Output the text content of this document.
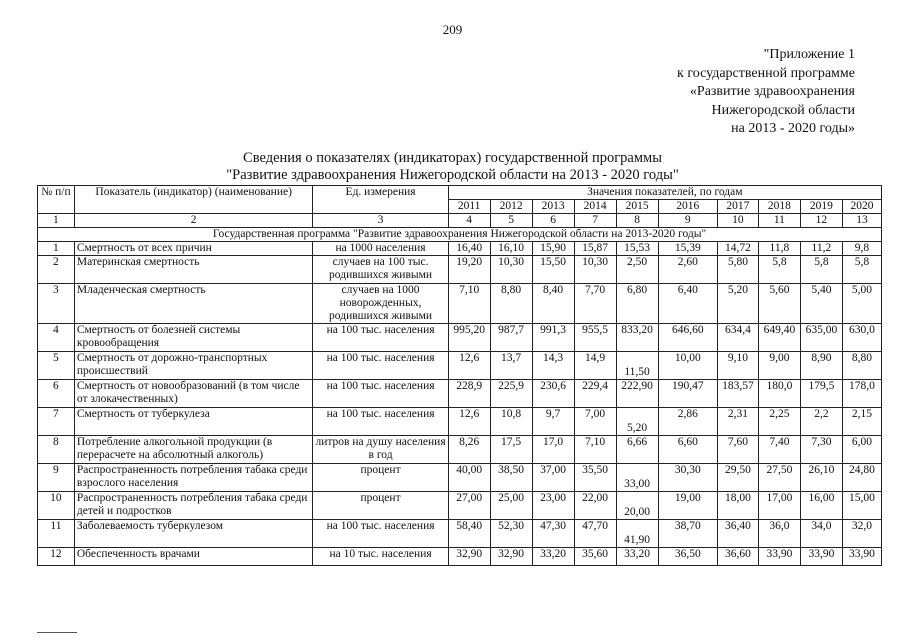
209
"Приложение 1
к государственной программе
«Развитие здравоохранения
Нижегородской области
на 2013 - 2020 годы»
Сведения о показателях (индикаторах) государственной программы
"Развитие здравоохранения Нижегородской области на 2013 - 2020 годы"
№ п/п	Показатель (индикатор) (наименование)	Ед. измерения	Значения показателей, по годам									
			2011	2012	2013	2014	2015	2016	2017	2018	2019	2020
1	2	3	4	5	6	7	8	9	10	11	12	13
Государственная программа "Развитие здравоохранения Нижегородской области на 2013-2020 годы"												
1	Смертность от всех причин	на 1000 населения	16,40	16,10	15,90	15,87	15,53	15,39	14,72	11,8	11,2	9,8
2	Материнская смертность	случаев на 100 тыс. родившихся живыми	19,20	10,30	15,50	10,30	2,50	2,60	5,80	5,8	5,8	5,8
3	Младенческая смертность	случаев на 1000 новорожденных, родившихся живыми	7,10	8,80	8,40	7,70	6,80	6,40	5,20	5,60	5,40	5,00
4	Смертность от болезней системы кровообращения	на 100 тыс. населения	995,20	987,7	991,3	955,5	833,20	646,60	634,4	649,40	635,00	630,0
5	Смертность от дорожно-транспортных происшествий	на 100 тыс. населения	12,6	13,7	14,3	14,9	11,50	10,00	9,10	9,00	8,90	8,80
6	Смертность от новообразований (в том числе от злокачественных)	на 100 тыс. населения	228,9	225,9	230,6	229,4	222,90	190,47	183,57	180,0	179,5	178,0
7	Смертность от туберкулеза	на 100 тыс. населения	12,6	10,8	9,7	7,00	5,20	2,86	2,31	2,25	2,2	2,15
8	Потребление алкогольной продукции (в перерасчете на абсолютный алкоголь)	литров на душу населения в год	8,26	17,5	17,0	7,10	6,66	6,60	7,60	7,40	7,30	6,00
9	Распространенность потребления табака среди взрослого населения	процент	40,00	38,50	37,00	35,50	33,00	30,30	29,50	27,50	26,10	24,80
10	Распространенность потребления табака среди детей и подростков	процент	27,00	25,00	23,00	22,00	20,00	19,00	18,00	17,00	16,00	15,00
11	Заболеваемость туберкулезом	на 100 тыс. населения	58,40	52,30	47,30	47,70	41,90	38,70	36,40	36,0	34,0	32,0
12	Обеспеченность врачами	на 10 тыс. населения	32,90	32,90	33,20	35,60	33,20	36,50	36,60	33,90	33,90	33,90
